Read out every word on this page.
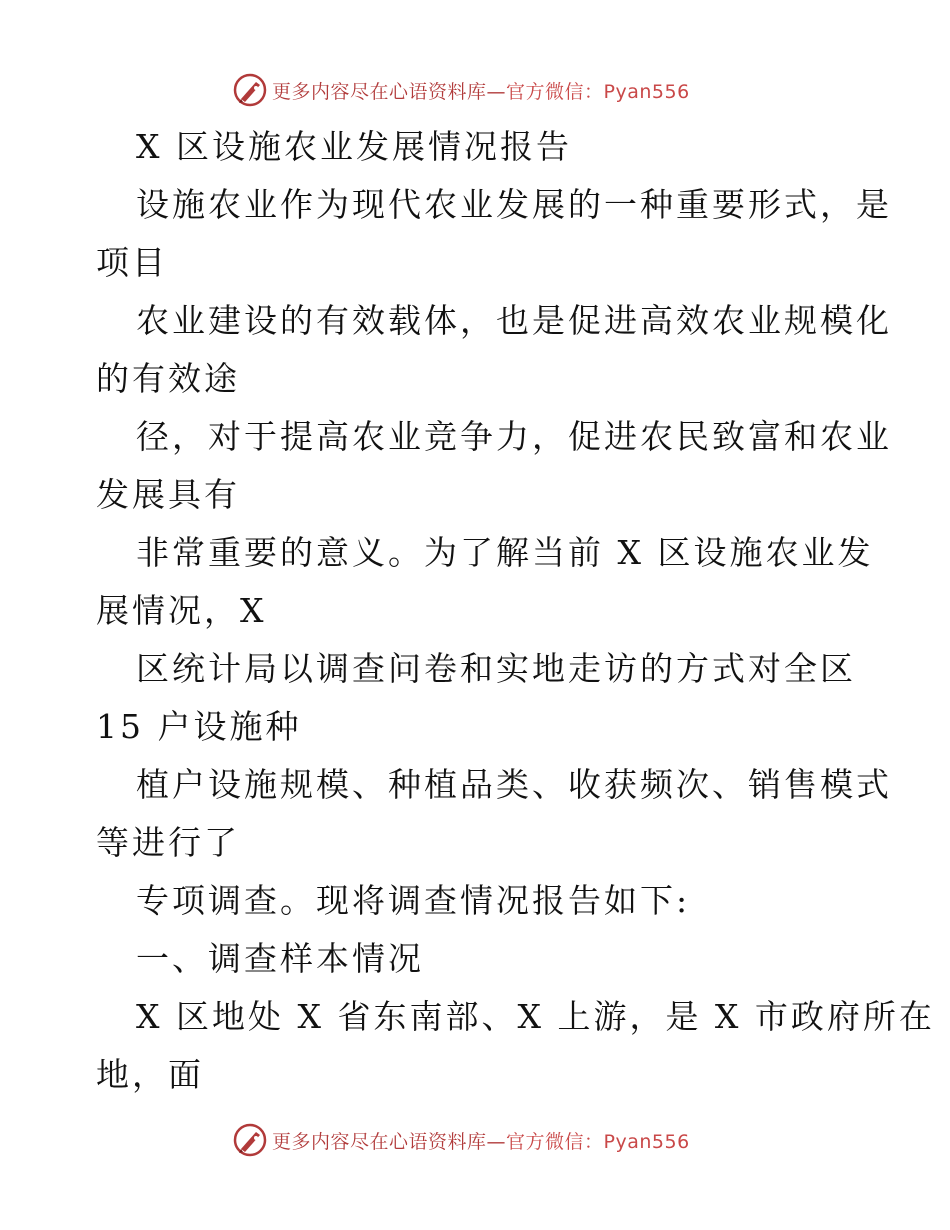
更多内容尽在心语资料库—官方微信：Pyan556
X 区设施农业发展情况报告
设施农业作为现代农业发展的一种重要形式，是
项目
农业建设的有效载体，也是促进高效农业规模化
的有效途
径，对于提高农业竞争力，促进农民致富和农业
发展具有
非常重要的意义。为了解当前 X 区设施农业发
展情况，X
区统计局以调查问卷和实地走访的方式对全区
15 户设施种
植户设施规模、种植品类、收获频次、销售模式
等进行了
专项调查。现将调查情况报告如下:
一、调查样本情况
X 区地处 X 省东南部、X 上游，是 X 市政府所在
地，面
更多内容尽在心语资料库—官方微信：Pyan556
